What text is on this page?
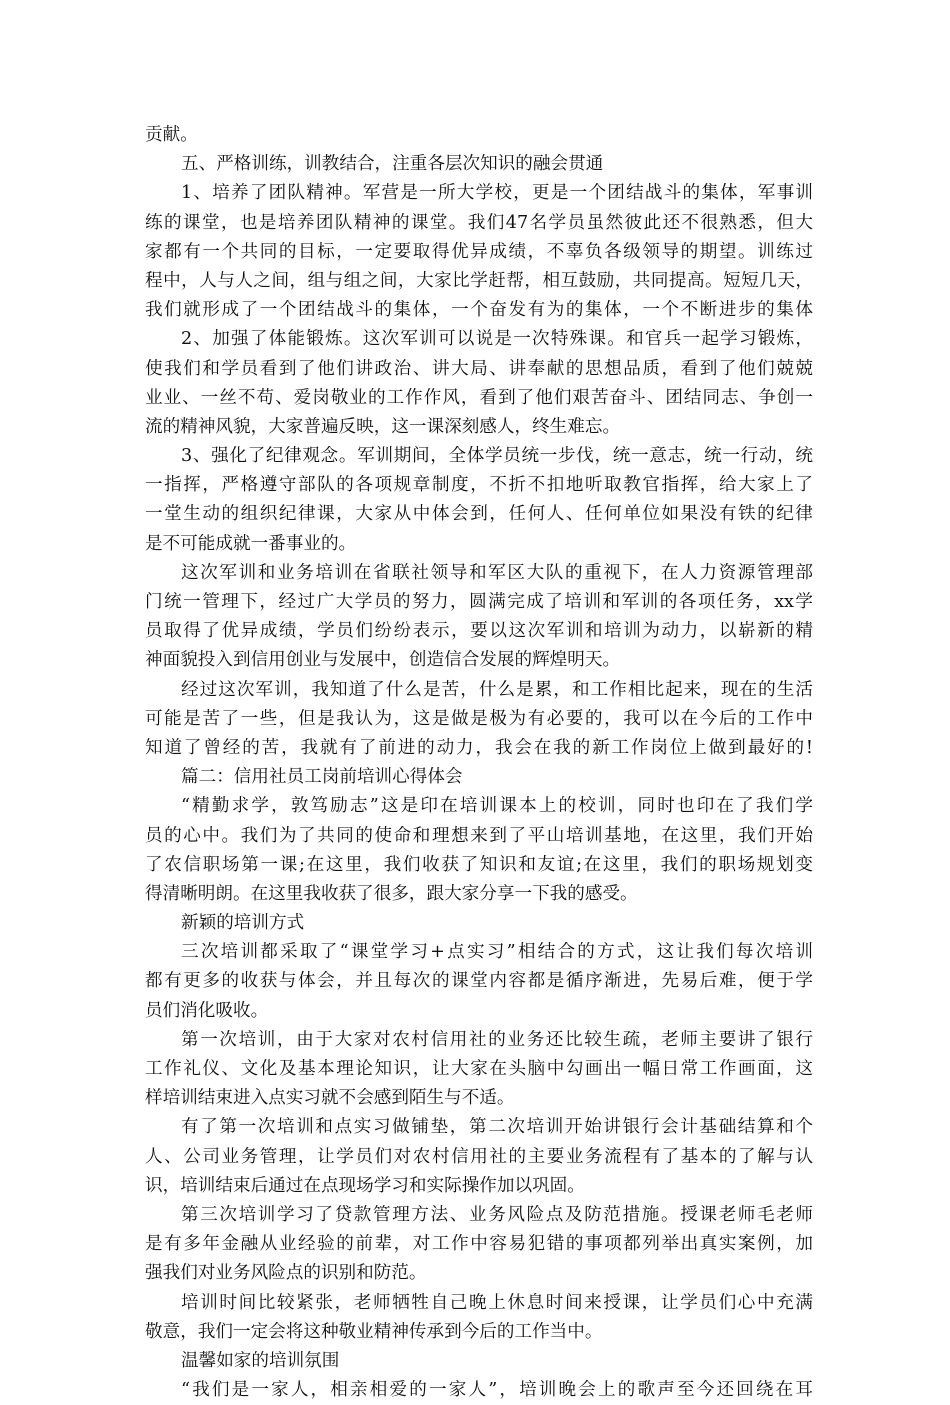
贡献。
五、严格训练，训教结合，注重各层次知识的融会贯通
1、培养了团队精神。军营是一所大学校，更是一个团结战斗的集体，军事训
练的课堂，也是培养团队精神的课堂。我们47名学员虽然彼此还不很熟悉，但大
家都有一个共同的目标，一定要取得优异成绩，不辜负各级领导的期望。训练过
程中，人与人之间，组与组之间，大家比学赶帮，相互鼓励，共同提高。短短几天，
我们就形成了一个团结战斗的集体，一个奋发有为的集体，一个不断进步的集体
2、加强了体能锻炼。这次军训可以说是一次特殊课。和官兵一起学习锻炼，
使我们和学员看到了他们讲政治、讲大局、讲奉献的思想品质，看到了他们兢兢
业业、一丝不苟、爱岗敬业的工作作风，看到了他们艰苦奋斗、团结同志、争创一
流的精神风貌，大家普遍反映，这一课深刻感人，终生难忘。
3、强化了纪律观念。军训期间，全体学员统一步伐，统一意志，统一行动，统
一指挥，严格遵守部队的各项规章制度，不折不扣地听取教官指挥，给大家上了
一堂生动的组织纪律课，大家从中体会到，任何人、任何单位如果没有铁的纪律
是不可能成就一番事业的。
这次军训和业务培训在省联社领导和军区大队的重视下，在人力资源管理部
门统一管理下，经过广大学员的努力，圆满完成了培训和军训的各项任务，xx学
员取得了优异成绩，学员们纷纷表示，要以这次军训和培训为动力，以崭新的精
神面貌投入到信用创业与发展中，创造信合发展的辉煌明天。
经过这次军训，我知道了什么是苦，什么是累，和工作相比起来，现在的生活
可能是苦了一些，但是我认为，这是做是极为有必要的，我可以在今后的工作中
知道了曾经的苦，我就有了前进的动力，我会在我的新工作岗位上做到最好的!
篇二：信用社员工岗前培训心得体会
“精勤求学，敦笃励志”这是印在培训课本上的校训，同时也印在了我们学
员的心中。我们为了共同的使命和理想来到了平山培训基地，在这里，我们开始
了农信职场第一课;在这里，我们收获了知识和友谊;在这里，我们的职场规划变
得清晰明朗。在这里我收获了很多，跟大家分享一下我的感受。
新颖的培训方式
三次培训都采取了“课堂学习+点实习”相结合的方式，这让我们每次培训
都有更多的收获与体会，并且每次的课堂内容都是循序渐进，先易后难，便于学
员们消化吸收。
第一次培训，由于大家对农村信用社的业务还比较生疏，老师主要讲了银行
工作礼仪、文化及基本理论知识，让大家在头脑中勾画出一幅日常工作画面，这
样培训结束进入点实习就不会感到陌生与不适。
有了第一次培训和点实习做铺垫，第二次培训开始讲银行会计基础结算和个
人、公司业务管理，让学员们对农村信用社的主要业务流程有了基本的了解与认
识，培训结束后通过在点现场学习和实际操作加以巩固。
第三次培训学习了贷款管理方法、业务风险点及防范措施。授课老师毛老师
是有多年金融从业经验的前辈，对工作中容易犯错的事项都列举出真实案例，加
强我们对业务风险点的识别和防范。
培训时间比较紧张，老师牺牲自己晚上休息时间来授课，让学员们心中充满
敬意，我们一定会将这种敬业精神传承到今后的工作当中。
温馨如家的培训氛围
“我们是一家人，相亲相爱的一家人”，培训晚会上的歌声至今还回绕在耳
